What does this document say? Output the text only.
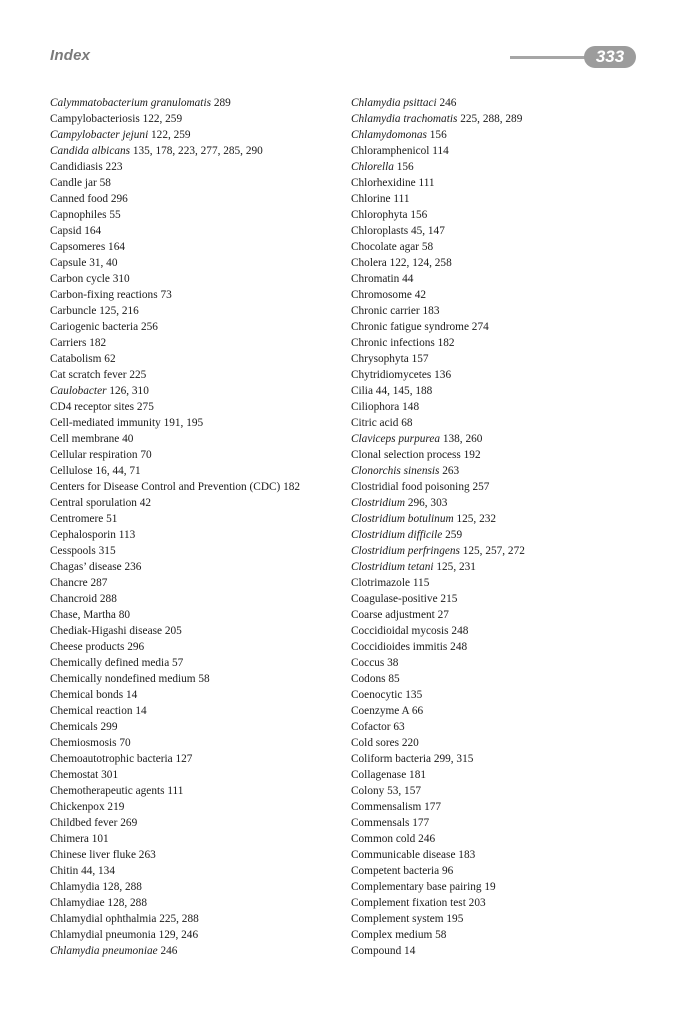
Index	333
Calymmatobacterium granulomatis 289
Campylobacteriosis 122, 259
Campylobacter jejuni 122, 259
Candida albicans 135, 178, 223, 277, 285, 290
Candidiasis 223
Candle jar 58
Canned food 296
Capnophiles 55
Capsid 164
Capsomeres 164
Capsule 31, 40
Carbon cycle 310
Carbon-fixing reactions 73
Carbuncle 125, 216
Cariogenic bacteria 256
Carriers 182
Catabolism 62
Cat scratch fever 225
Caulobacter 126, 310
CD4 receptor sites 275
Cell-mediated immunity 191, 195
Cell membrane 40
Cellular respiration 70
Cellulose 16, 44, 71
Centers for Disease Control and Prevention (CDC) 182
Central sporulation 42
Centromere 51
Cephalosporin 113
Cesspools 315
Chagas’ disease 236
Chancre 287
Chancroid 288
Chase, Martha 80
Chediak-Higashi disease 205
Cheese products 296
Chemically defined media 57
Chemically nondefined medium 58
Chemical bonds 14
Chemical reaction 14
Chemicals 299
Chemiosmosis 70
Chemoautotrophic bacteria 127
Chemostat 301
Chemotherapeutic agents 111
Chickenpox 219
Childbed fever 269
Chimera 101
Chinese liver fluke 263
Chitin 44, 134
Chlamydia 128, 288
Chlamydiae 128, 288
Chlamydial ophthalmia 225, 288
Chlamydial pneumonia 129, 246
Chlamydia pneumoniae 246
Chlamydia psittaci 246
Chlamydia trachomatis 225, 288, 289
Chlamydomonas 156
Chloramphenicol 114
Chlorella 156
Chlorhexidine 111
Chlorine 111
Chlorophyta 156
Chloroplasts 45, 147
Chocolate agar 58
Cholera 122, 124, 258
Chromatin 44
Chromosome 42
Chronic carrier 183
Chronic fatigue syndrome 274
Chronic infections 182
Chrysophyta 157
Chytridiomycetes 136
Cilia 44, 145, 188
Ciliophora 148
Citric acid 68
Claviceps purpurea 138, 260
Clonal selection process 192
Clonorchis sinensis 263
Clostridial food poisoning 257
Clostridium 296, 303
Clostridium botulinum 125, 232
Clostridium difficile 259
Clostridium perfringens 125, 257, 272
Clostridium tetani 125, 231
Clotrimazole 115
Coagulase-positive 215
Coarse adjustment 27
Coccidioidal mycosis 248
Coccidioides immitis 248
Coccus 38
Codons 85
Coenocytic 135
Coenzyme A 66
Cofactor 63
Cold sores 220
Coliform bacteria 299, 315
Collagenase 181
Colony 53, 157
Commensalism 177
Commensals 177
Common cold 246
Communicable disease 183
Competent bacteria 96
Complementary base pairing 19
Complement fixation test 203
Complement system 195
Complex medium 58
Compound 14
